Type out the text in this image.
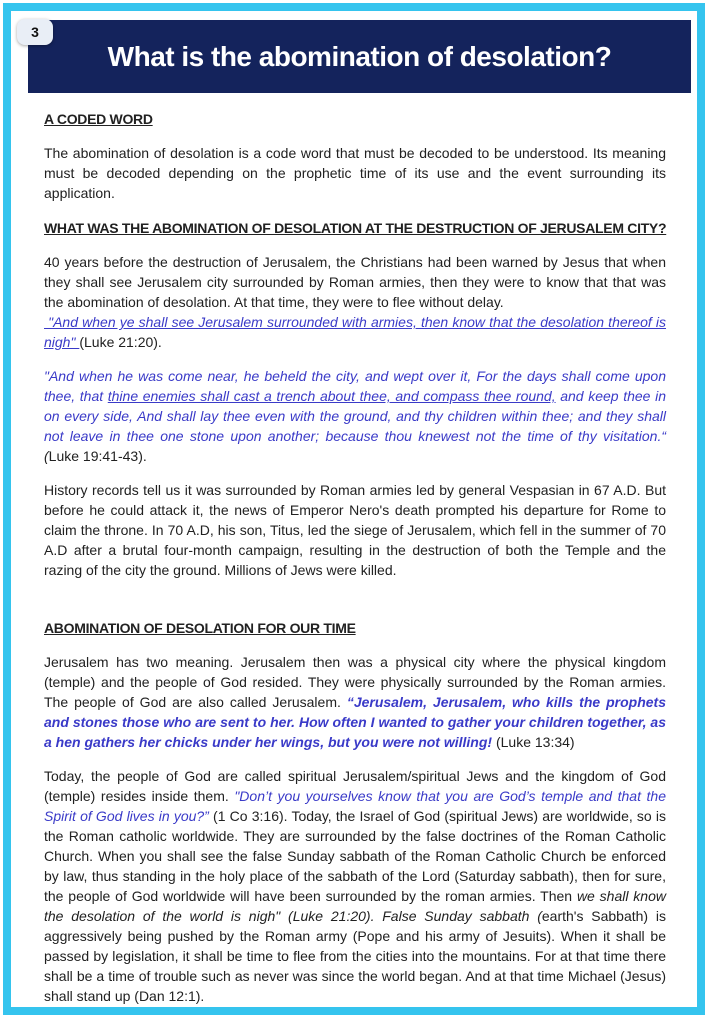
3
What is the abomination of desolation?
A CODED WORD

The abomination of desolation is a code word that must be decoded to be understood. Its meaning must be decoded depending on the prophetic time of its use and the event surrounding its application.

WHAT WAS THE ABOMINATION OF DESOLATION AT THE DESTRUCTION OF JERUSALEM CITY?

40 years before the destruction of Jerusalem, the Christians had been warned by Jesus that when they shall see Jerusalem city surrounded by Roman armies, then they were to know that that was the abomination of desolation. At that time, they were to flee without delay.

"And when ye shall see Jerusalem surrounded with armies, then know that the desolation thereof is nigh" (Luke 21:20).

"And when he was come near, he beheld the city, and wept over it, For the days shall come upon thee, that thine enemies shall cast a trench about thee, and compass thee round, and keep thee in on every side, And shall lay thee even with the ground, and thy children within thee; and they shall not leave in thee one stone upon another; because thou knewest not the time of thy visitation.“ (Luke 19:41-43).

History records tell us it was surrounded by Roman armies led by general Vespasian in 67 A.D. But before he could attack it, the news of Emperor Nero's death prompted his departure for Rome to claim the throne. In 70 A.D, his son, Titus, led the siege of Jerusalem, which fell in the summer of 70 A.D after a brutal four-month campaign, resulting in the destruction of both the Temple and the razing of the city the ground. Millions of Jews were killed.

ABOMINATION OF DESOLATION FOR OUR TIME

Jerusalem has two meaning. Jerusalem then was a physical city where the physical kingdom (temple) and the people of God resided. They were physically surrounded by the Roman armies. The people of God are also called Jerusalem. “Jerusalem, Jerusalem, who kills the prophets and stones those who are sent to her. How often I wanted to gather your children together, as a hen gathers her chicks under her wings, but you were not willing! (Luke 13:34)

Today, the people of God are called spiritual Jerusalem/spiritual Jews and the kingdom of God (temple) resides inside them. "Don’t you yourselves know that you are God’s temple and that the Spirit of God lives in you?” (1 Co 3:16). Today, the Israel of God (spiritual Jews) are worldwide, so is the Roman catholic worldwide. They are surrounded by the false doctrines of the Roman Catholic Church. When you shall see the false Sunday sabbath of the Roman Catholic Church be enforced by law, thus standing in the holy place of the sabbath of the Lord (Saturday sabbath), then for sure, the people of God worldwide will have been surrounded by the roman armies. Then we shall know the desolation of the world is nigh" (Luke 21:20). False Sunday sabbath (earth's Sabbath) is aggressively being pushed by the Roman army (Pope and his army of Jesuits). When it shall be passed by legislation, it shall be time to flee from the cities into the mountains. For at that time there shall be a time of trouble such as never was since the world began. And at that time Michael (Jesus) shall stand up (Dan 12:1).
